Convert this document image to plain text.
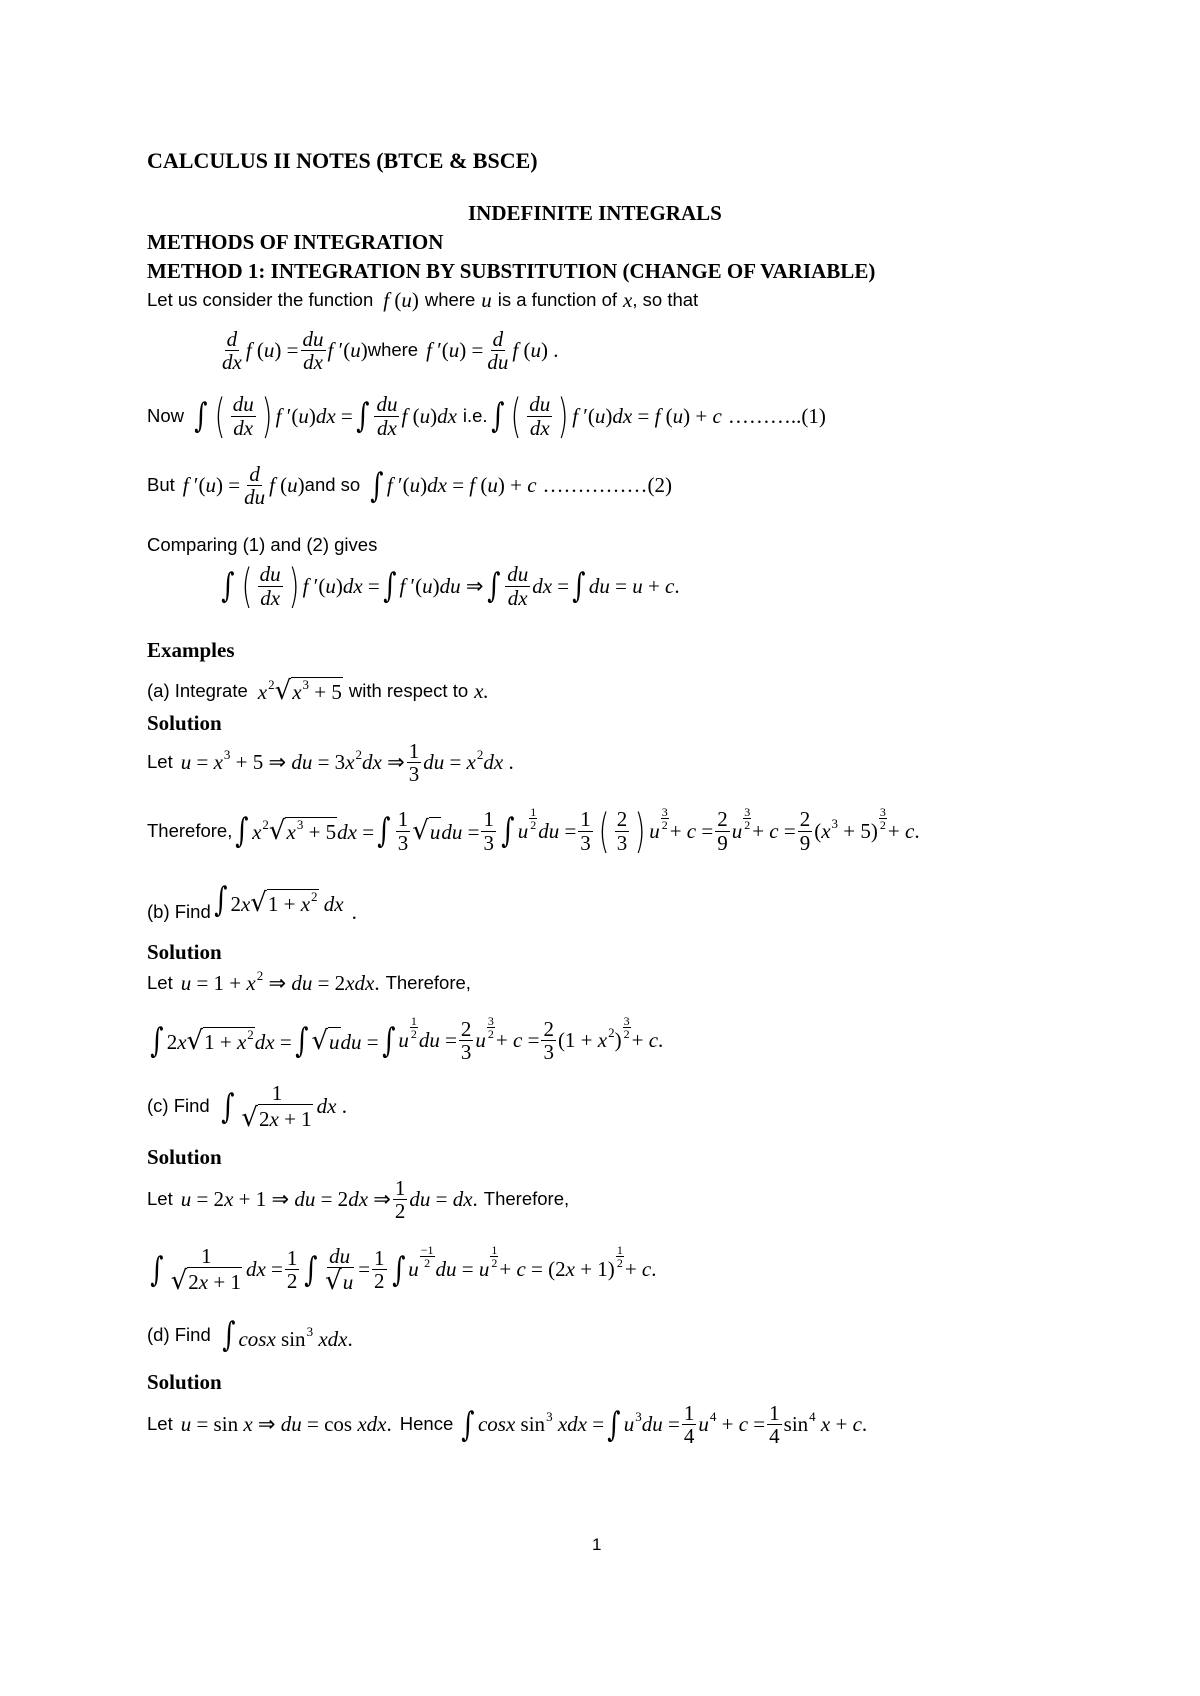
CALCULUS II NOTES (BTCE & BSCE)
INDEFINITE INTEGRALS
METHODS OF INTEGRATION
METHOD 1: INTEGRATION BY SUBSTITUTION (CHANGE OF VARIABLE)
Let us consider the function f (u) where u is a function of x , so that
$\frac{d}{dx}$ f $(u) = \frac{du}{dx}$ f ′(u) where f $'(u) = \frac{d}{du}$ f (u) .
Now ∫ ( $\frac{du}{dx}$ ) f ′(u)dx = ∫ $\frac{du}{dx}$ f (u)dx i.e. ∫ ( $\frac{du}{dx}$ ) f ′(u)dx = f (u) + c ………..(1)
But f $'(u) = \frac{d}{du}$ f (u) and so ∫ f ′(u)dx = f (u) + c ……………(2)
Comparing (1) and (2) gives
∫ ( $\frac{du}{dx}$ ) f ′(u)dx = ∫ f ′(u)du ⇒ ∫ $\frac{du}{dx}$ dx = ∫ du = u + c.
Examples
(a) Integrate $x^2√x^3 + 5$ with respect to x.
Solution
Let $u = x^3 + 5$ ⇒ du = $3x^2dx$ ⇒ $\frac{1}{3}$ du = $x^2dx$ .
Therefore, ∫ $x^2√x^3 + 5dx$ = ∫ $\frac{1}{3} √udu = \frac{1}{3}$ ∫ u
1
2 du = $\frac{1}{3}$ ( $\frac{2}{3}$ ) u
3
$2 + c = \frac{2}{9}$ u
3
$2 + c = \frac{2}{9} (x^3 + 5)$
3
2 + c.
(b) Find ∫ $2x√1 + x^2$ dx .
Solution
Let $u = 1 + x^2$ ⇒ du = 2xdx. Therefore,
∫ $2x√1 + x^2dx$ = ∫ √udu = ∫ u
1
2 du = $\frac{2}{3}$ u
3
$2 + c = \frac{2}{3} (1 + x^2)$
3
2 + c.
(c) Find ∫ $\frac{1}{√2x + 1}$ dx .
Solution
Let u = 2x + 1 ⇒ du = 2dx ⇒ $\frac{1}{2}$ du = dx. Therefore,
∫ $\frac{1}{√2x + 1}$ dx = $\frac{1}{2}$ ∫ $\frac{du}{√u} = \frac{1}{2}$ ∫ u
−1
2 du = u
1
2 + c = (2x + 1)
1
2 + c.
(d) Find ∫ cosx $\sin^3$ xdx.
Solution
Let u = sin x ⇒ du = cos xdx. Hence ∫ cosx $\sin^3$ xdx = ∫ $u^3du = \frac{1}{4} u^4 + c = \frac{1}{4} \sin^4 x + c$.
1
